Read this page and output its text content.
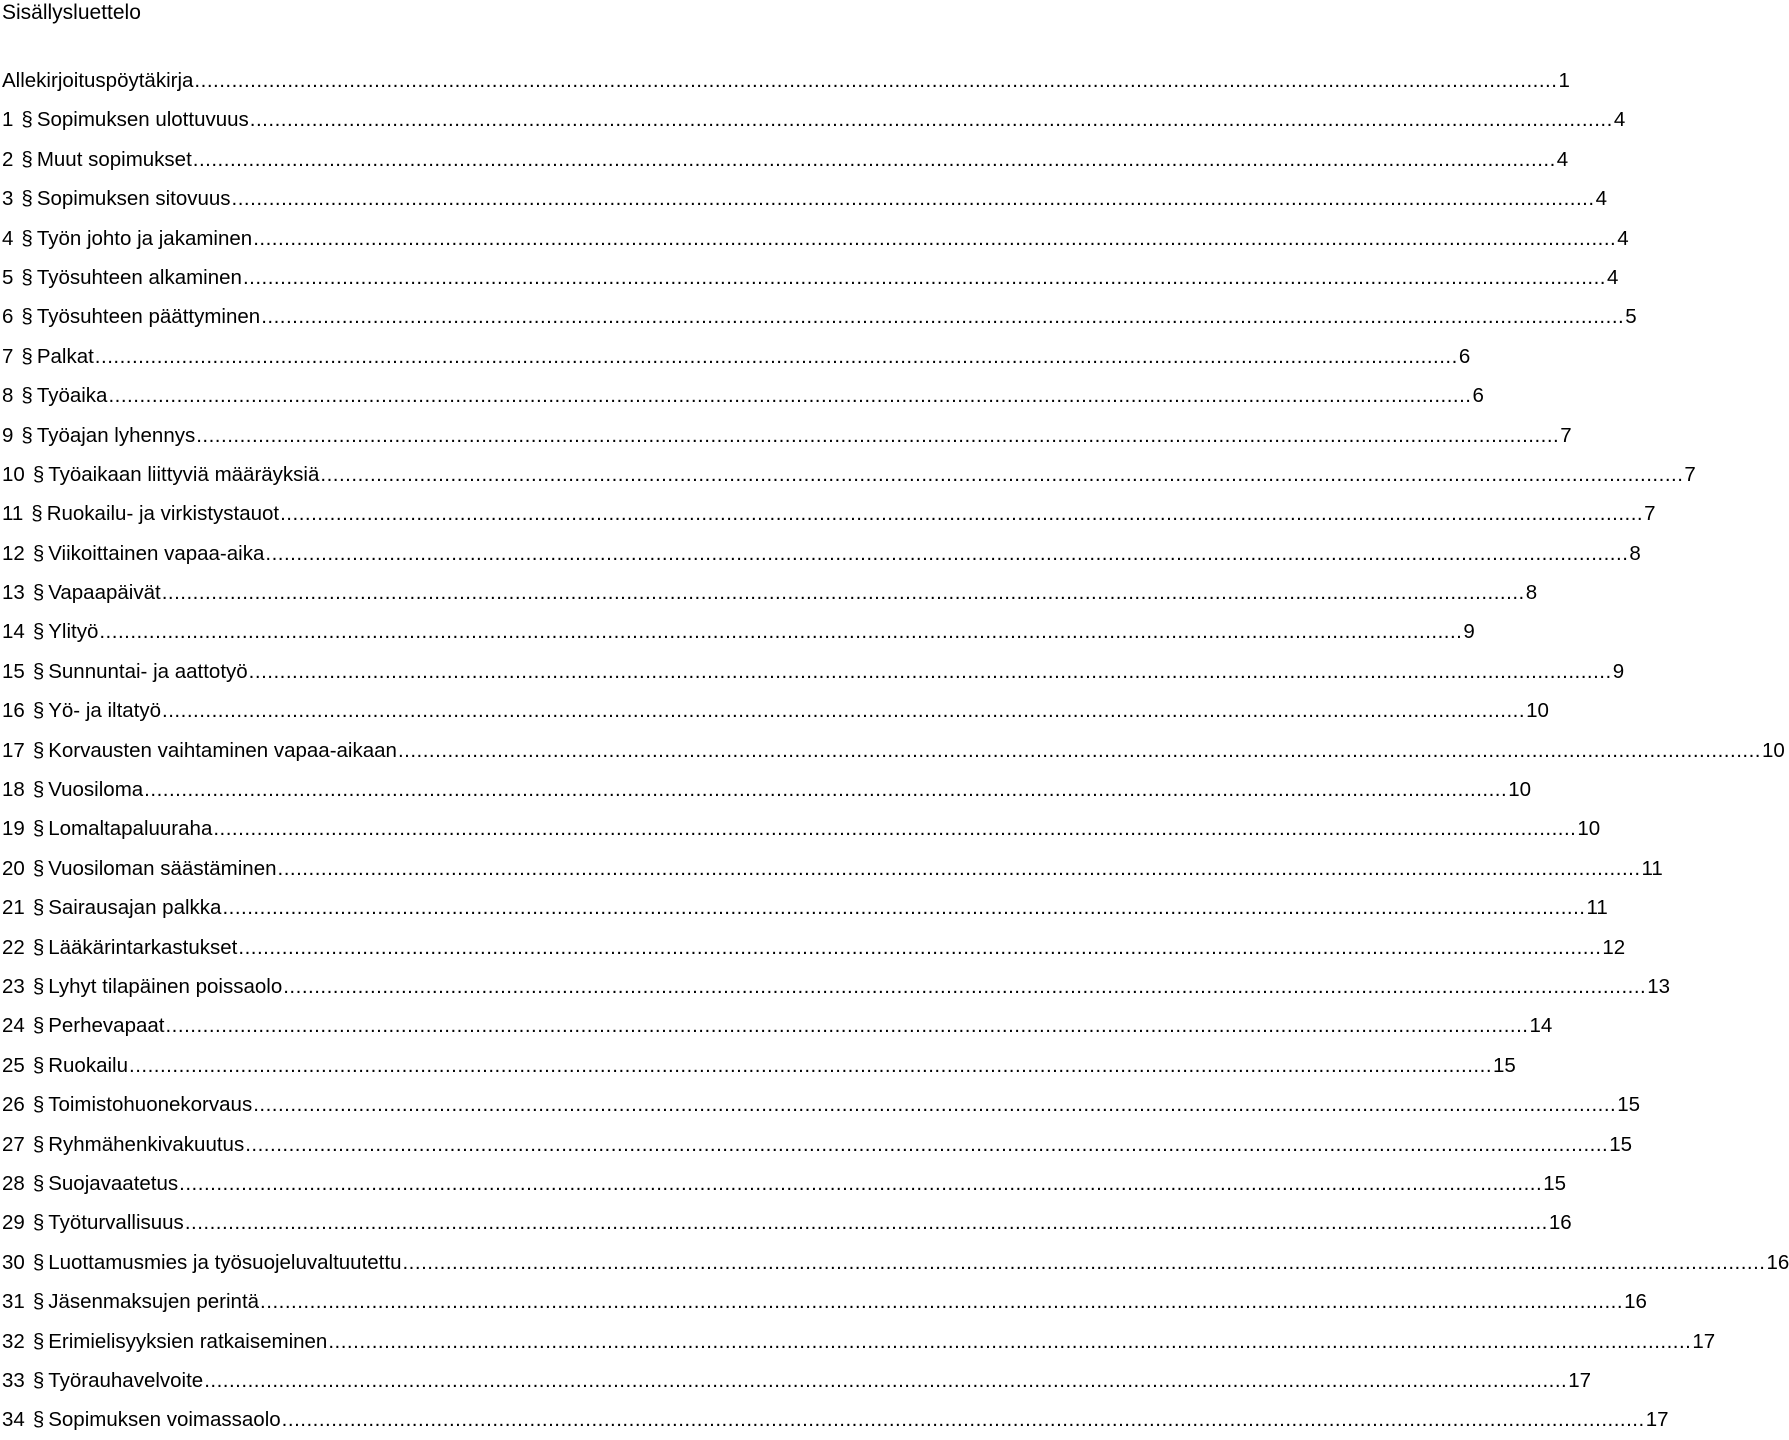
Sisällysluettelo
Allekirjoituspöytäkirja ............................................................................................................................................................................................................................ 1
1 § Sopimuksen ulottuvuus ............................................................................................................................................................................................................................ 4
2 § Muut sopimukset ............................................................................................................................................................................................................................ 4
3 § Sopimuksen sitovuus ............................................................................................................................................................................................................................ 4
4 § Työn johto ja jakaminen ............................................................................................................................................................................................................................ 4
5 § Työsuhteen alkaminen ............................................................................................................................................................................................................................ 4
6 § Työsuhteen päättyminen ............................................................................................................................................................................................................................ 5
7 § Palkat ............................................................................................................................................................................................................................ 6
8 § Työaika ............................................................................................................................................................................................................................ 6
9 § Työajan lyhennys ............................................................................................................................................................................................................................ 7
10 § Työaikaan liittyviä määräyksiä ............................................................................................................................................................................................................................ 7
11 § Ruokailu- ja virkistystauot ............................................................................................................................................................................................................................ 7
12 § Viikoittainen vapaa-aika ............................................................................................................................................................................................................................ 8
13 § Vapaapäivät ............................................................................................................................................................................................................................ 8
14 § Ylityö ............................................................................................................................................................................................................................ 9
15 § Sunnuntai- ja aattotyö ............................................................................................................................................................................................................................ 9
16 § Yö- ja iltatyö ............................................................................................................................................................................................................................ 10
17 § Korvausten vaihtaminen vapaa-aikaan ............................................................................................................................................................................................................................ 10
18 § Vuosiloma ............................................................................................................................................................................................................................ 10
19 § Lomaltapaluuraha ............................................................................................................................................................................................................................ 10
20 § Vuosiloman säästäminen ............................................................................................................................................................................................................................ 11
21 § Sairausajan palkka ............................................................................................................................................................................................................................ 11
22 § Lääkärintarkastukset ............................................................................................................................................................................................................................ 12
23 § Lyhyt tilapäinen poissaolo ............................................................................................................................................................................................................................ 13
24 § Perhevapaat ............................................................................................................................................................................................................................ 14
25 § Ruokailu ............................................................................................................................................................................................................................ 15
26 § Toimistohuonekorvaus ............................................................................................................................................................................................................................ 15
27 § Ryhmähenkivakuutus ............................................................................................................................................................................................................................ 15
28 § Suojavaatetus ............................................................................................................................................................................................................................ 15
29 § Työturvallisuus ............................................................................................................................................................................................................................ 16
30 § Luottamusmies ja työsuojeluvaltuutettu ............................................................................................................................................................................................................................ 16
31 § Jäsenmaksujen perintä ............................................................................................................................................................................................................................ 16
32 § Erimielisyyksien ratkaiseminen ............................................................................................................................................................................................................................ 17
33 § Työrauhavelvoite ............................................................................................................................................................................................................................ 17
34 § Sopimuksen voimassaolo ............................................................................................................................................................................................................................ 17
